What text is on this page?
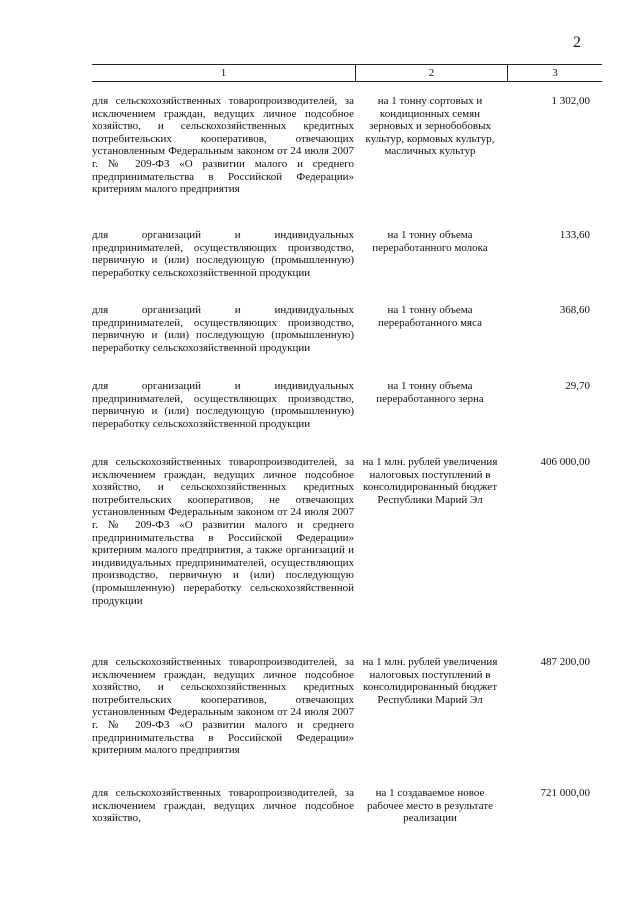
2
1	2	3
для сельскохозяйственных товаропроизводителей, за исключением граждан, ведущих личное подсобное хозяйство, и сельскохозяйственных кредитных потребительских кооперативов, отвечающих установленным Федеральным законом от 24 июля 2007 г. № 209-ФЗ «О развитии малого и среднего предпринимательства в Российской Федерации» критериям малого предприятия
на 1 тонну сортовых и кондиционных семян зерновых и зернобобовых культур, кормовых культур, масличных культур
1 302,00
для организаций и индивидуальных предпринимателей, осуществляющих производство, первичную и (или) последующую (промышленную) переработку сельскохозяйственной продукции
на 1 тонну объема переработанного молока
133,60
для организаций и индивидуальных предпринимателей, осуществляющих производство, первичную и (или) последующую (промышленную) переработку сельскохозяйственной продукции
на 1 тонну объема переработанного мяса
368,60
для организаций и индивидуальных предпринимателей, осуществляющих производство, первичную и (или) последующую (промышленную) переработку сельскохозяйственной продукции
на 1 тонну объема переработанного зерна
29,70
для сельскохозяйственных товаропроизводителей, за исключением граждан, ведущих личное подсобное хозяйство, и сельскохозяйственных кредитных потребительских кооперативов, не отвечающих установленным Федеральным законом от 24 июля 2007 г. № 209-ФЗ «О развитии малого и среднего предпринимательства в Российской Федерации» критериям малого предприятия, а также организаций и индивидуальных предпринимателей, осуществляющих производство, первичную и (или) последующую (промышленную) переработку сельскохозяйственной продукции
на 1 млн. рублей увеличения налоговых поступлений в консолидированный бюджет Республики Марий Эл
406 000,00
для сельскохозяйственных товаропроизводителей, за исключением граждан, ведущих личное подсобное хозяйство, и сельскохозяйственных кредитных потребительских кооперативов, отвечающих установленным Федеральным законом от 24 июля 2007 г. № 209-ФЗ «О развитии малого и среднего предпринимательства в Российской Федерации» критериям малого предприятия
на 1 млн. рублей увеличения налоговых поступлений в консолидированный бюджет Республики Марий Эл
487 200,00
для сельскохозяйственных товаропроизводителей, за исключением граждан, ведущих личное подсобное хозяйство,
на 1 создаваемое новое рабочее место в результате реализации
721 000,00
